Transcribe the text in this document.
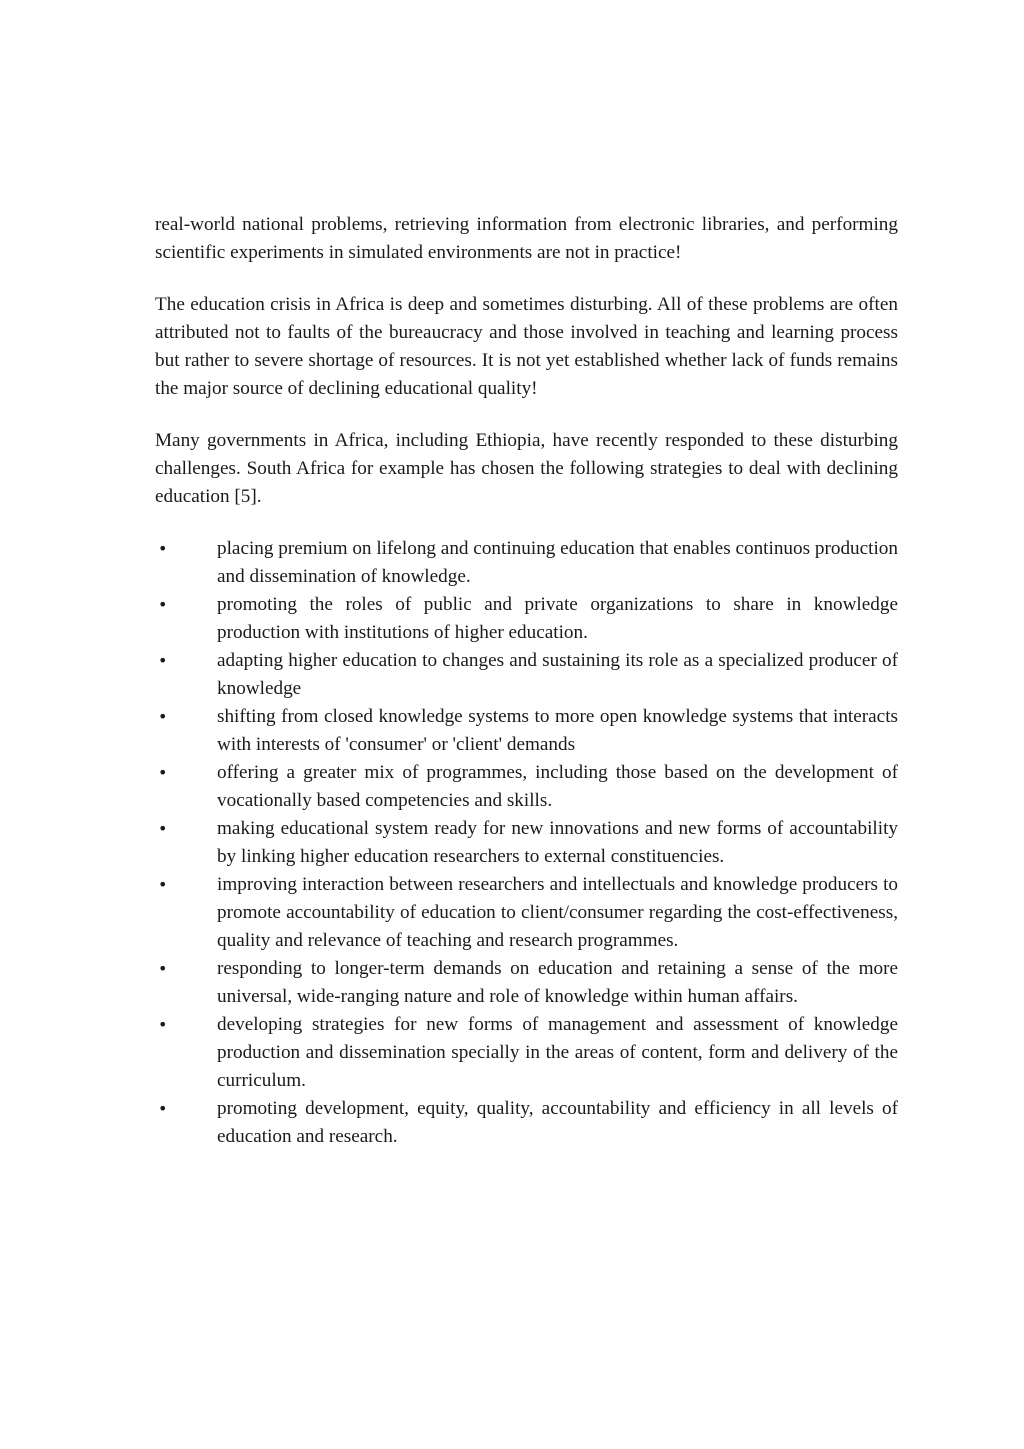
real-world national problems, retrieving information from electronic libraries, and performing scientific experiments in simulated environments are not in practice!

The education crisis in Africa is deep and sometimes disturbing. All of these problems are often attributed not to faults of the bureaucracy and those involved in teaching and learning process but rather to severe shortage of resources. It is not yet established whether lack of funds remains the major source of declining educational quality!

Many governments in Africa, including Ethiopia, have recently responded to these disturbing challenges. South Africa for example has chosen the following strategies to deal with declining education [5].

•	placing premium on lifelong and continuing education that enables continuos production and dissemination of knowledge.
•	promoting the roles of public and private organizations to share in knowledge production with institutions of higher education.
•	adapting higher education to changes and sustaining its role as a specialized producer of knowledge
•	shifting from closed knowledge systems to more open knowledge systems that interacts with interests of 'consumer' or 'client' demands
•	offering a greater mix of programmes, including those based on the development of vocationally based competencies and skills.
•	making educational system ready for new innovations and new forms of accountability by linking higher education researchers to external constituencies.
•	improving interaction between researchers and intellectuals and knowledge producers to promote accountability of education to client/consumer regarding the cost-effectiveness, quality and relevance of teaching and research programmes.
•	responding to longer-term demands on education and retaining a sense of the more universal, wide-ranging nature and role of knowledge within human affairs.
•	developing strategies for new forms of management and assessment of knowledge production and dissemination specially in the areas of content, form and delivery of the curriculum.
•	promoting development, equity, quality, accountability and efficiency in all levels of education and research.
